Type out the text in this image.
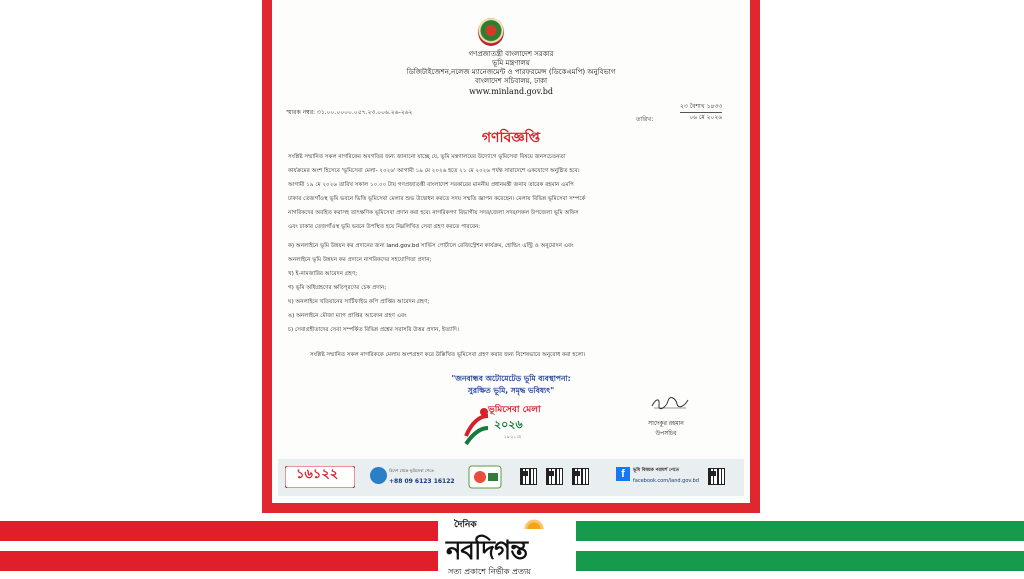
গণপ্রজাতন্ত্রী বাংলাদেশ সরকার
ভূমি মন্ত্রণালয়
ডিজিটাইজেশন,নলেজ ম্যানেজমেন্ট ও পারফরমেন্স (ডিকেএমপি) অনুবিভাগ
বাংলাদেশ সচিবালয়, ঢাকা
www.minland.gov.bd
স্মারক নম্বর: ৩১.০০.০০০০.০৫৭.২৩.০০৬.২৬-২৬২
তারিখ:
২৩ বৈশাখ ১৪৩৩
০৬ মে ২০২৬
গণবিজ্ঞপ্তি
সংশ্লিষ্ট সম্মানিত সকল নাগরিকের অবগতির জন্য জানানো যাচ্ছে যে, ভূমি মন্ত্রণালয়ের উদ্যোগে ভূমিসেবা বিষয়ে জনসচেতনতা
কার্যক্রমের অংশ হিসেবে 'ভূমিসেবা মেলা- ২০২৬' আগামী ১৯ মে ২০২৬ হতে ২১ মে ২০২৬ পর্যন্ত সারাদেশে একযোগে অনুষ্ঠিত হবে।
আগামী ১৯ মে ২০২৬ তারিখ সকাল ১০.০০ টায় গণপ্রজাতন্ত্রী বাংলাদেশ সরকারের মাননীয় প্রধানমন্ত্রী জনাব তারেক রহমান এমপি
ঢাকার তেজগাঁওস্থ ভূমি ভবনে ভিত্তি ভূমিসেবা মেলার শুভ উদ্বোধন করতে সদয় সম্মতি জ্ঞাপন করেছেন। মেলায় বিভিন্ন ভূমিসেবা সম্পর্কে
নাগরিকদের অবহিত করাসহ তাৎক্ষণিক ভূমিসেবা প্রদান করা হবে। নাগরিকগণ বিভাগীয় সদর/জেলা সদর/সকল উপজেলা ভূমি অফিস
এবং ঢাকার তেজগাঁওস্থ ভূমি ভবনে উপস্থিত হয়ে নিম্নলিখিত সেবা গ্রহণ করতে পারবেন:
ক) অনলাইনে ভূমি উন্নয়ন কর প্রদানের জন্য land.gov.bd সার্ভিস পোর্টালে রেজিস্ট্রেশন কার্যক্রম, হোল্ডিং এন্ট্রি ও অনুমোদন এবং
অনলাইনে ভূমি উন্নয়ন কর প্রদানে নাগরিকদের সহযোগিতা প্রদান;
খ) ই-নামজারির আবেদন গ্রহণ;
গ) ভূমি অধিগ্রহণের ক্ষতিপূরণের চেক প্রদান;
ঘ) অনলাইনে খতিয়ানের সার্টিফাইড কপি প্রাপ্তির আবেদন গ্রহণ;
ঙ) অনলাইনে মৌজা ম্যাপ প্রাপ্তির আবেদন গ্রহণ এবং
চ) সেবাগ্রহীতাদের সেবা সম্পর্কিত বিভিন্ন প্রশ্নের সরাসরি উত্তর প্রদান, ইত্যাদি।
সংশ্লিষ্ট সম্মানিত সকল নাগরিককে মেলায় অংশগ্রহণ করে উল্লিখিত ভূমিসেবা গ্রহণ করার জন্য বিশেষভাবে অনুরোধ করা হলো।
"জনবান্ধব অটোমেটেড ভূমি ব্যবস্থাপনা:
সুরক্ষিত ভূমি, সমৃদ্ধ ভবিষ্যৎ"
সাদেকুর রহমান
উপসচিব
ভূমিসেবা মেলা
২০২৬
১৯-২১ মে
১৬১২২	বিদেশ থেকে ভূমিসেবা পেতে
+88 09 6123 16122
f	ভূমি বিষয়ক পরামর্শ পেতে
facebook.com/land.gov.bd
দৈনিক
নবদিগন্ত
সত্য প্রকাশে নির্ভীক প্রত্যয়
